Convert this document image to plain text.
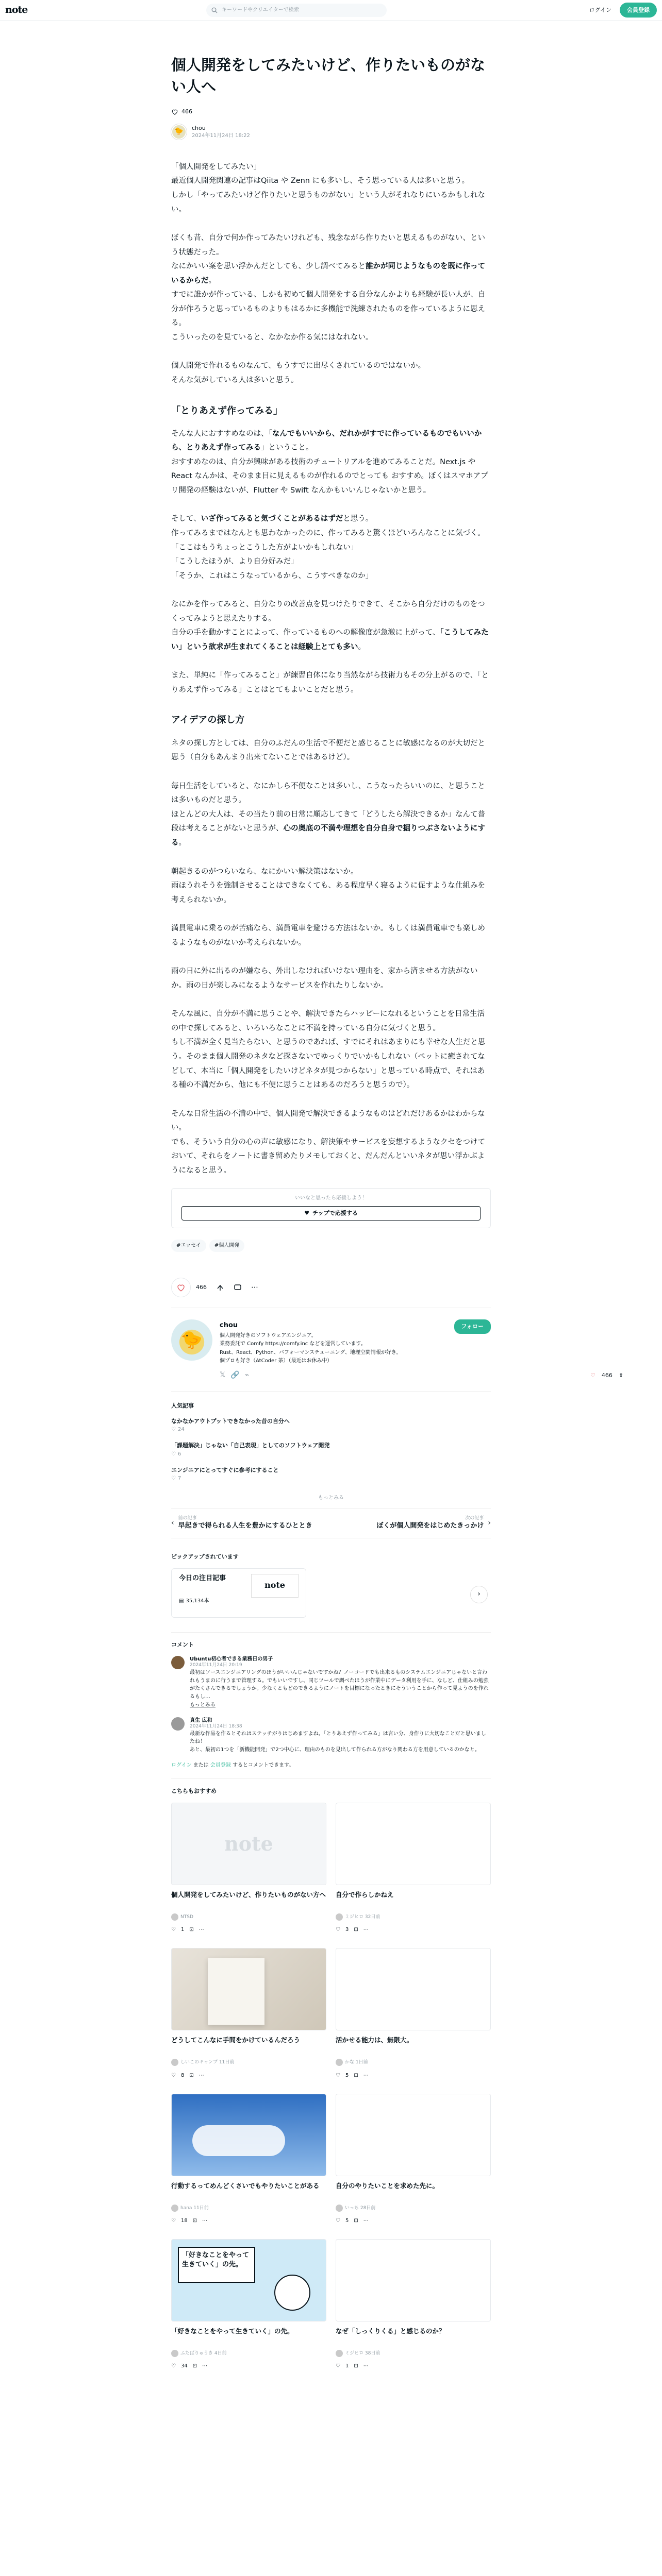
note	キーワードやクリエイターで検索	ログイン	会員登録
個人開発をしてみたいけど、作りたいものがない人へ
466
🐤 chou
2024年11月24日 18:22

「個人開発をしてみたい」
最近個人開発関連の記事はQiita や Zenn にも多いし、そう思っている人は多いと思う。
しかし「やってみたいけど作りたいと思うものがない」という人がそれなりにいるかもしれない。

ぼくも昔、自分で何か作ってみたいけれども、残念ながら作りたいと思えるものがない、という状態だった。
なにかいい案を思い浮かんだとしても、少し調べてみると誰かが同じようなものを既に作っているからだ。
すでに誰かが作っている、しかも初めて個人開発をする自分なんかよりも経験が長い人が、自分が作ろうと思っているものよりもはるかに多機能で洗練されたものを作っているように思える。
こういったのを見ていると、なかなか作る気にはなれない。

個人開発で作れるものなんて、もうすでに出尽くされているのではないか。
そんな気がしている人は多いと思う。

「とりあえず作ってみる」

そんな人におすすめなのは、「なんでもいいから、だれかがすでに作っているものでもいいから、とりあえず作ってみる」ということ。
おすすめなのは、自分が興味がある技術のチュートリアルを進めてみることだ。Next.js や React なんかは、そのまま目に見えるものが作れるのでとっても おすすめ。ぼくはスマホアプリ開発の経験はないが、Flutter や Swift なんかもいいんじゃないかと思う。

そして、いざ作ってみると気づくことがあるはずだと思う。
作ってみるまではなんとも思わなかったのに、作ってみると驚くほどいろんなことに気づく。
「ここはもうちょっとこうした方がよいかもしれない」
「こうしたほうが、より自分好みだ」
「そうか、これはこうなっているから、こうすべきなのか」

なにかを作ってみると、自分なりの改善点を見つけたりできて、そこから自分だけのものをつくってみようと思えたりする。
自分の手を動かすことによって、作っているものへの解像度が急激に上がって、「こうしてみたい」という欲求が生まれてくることは経験上とても多い。

また、単純に「作ってみること」が練習自体になり当然ながら技術力もその分上がるので、「とりあえず作ってみる」ことはとてもよいことだと思う。

アイデアの探し方

ネタの探し方としては、自分のふだんの生活で不便だと感じることに敏感になるのが大切だと思う（自分もあんまり出来てないことではあるけど）。

毎日生活をしていると、なにかしら不便なことは多いし、こうなったらいいのに、と思うことは多いものだと思う。
ほとんどの大人は、その当たり前の日常に順応してきて「どうしたら解決できるか」なんて普段は考えることがないと思うが、心の奥底の不満や理想を自分自身で掘りつぶさないようにする。

朝起きるのがつらいなら、なにかいい解決策はないか。
雨ほうれそうを強制させることはできなくても、ある程度早く寝るように促すような仕組みを考えられないか。

満員電車に乗るのが苦痛なら、満員電車を避ける方法はないか。もしくは満員電車でも楽しめるようなものがないか考えられないか。

雨の日に外に出るのが嫌なら、外出しなければいけない理由を、家から済ませる方法がないか。雨の日が楽しみになるようなサービスを作れたりしないか。

そんな風に、自分が不満に思うことや、解決できたらハッピーになれるということを日常生活の中で探してみると、いろいろなことに不満を持っている自分に気づくと思う。
もし不満が全く見当たらない、と思うのであれば、すでにそれはあまりにも幸せな人生だと思う。そのまま個人開発のネタなど探さないでゆっくりでいかもしれない（ペットに癒されてなどして、本当に「個人開発をしたいけどネタが見つからない」と思っている時点で、それはある種の不満だから、他にも不便に思うことはあるのだろうと思うので）。

そんな日常生活の不満の中で、個人開発で解決できるようなものはどれだけあるかはわからない。
でも、そういう自分の心の声に敏感になり、解決策やサービスを妄想するようなクセをつけておいて、それらをノートに書き留めたりメモしておくと、だんだんといいネタが思い浮かぶようになると思う。

いいなと思ったら応援しよう！
♥ チップで応援する
#エッセイ	#個人開発
466	⋯
🐤
chou
個人開発好きのソフトウェアエンジニア。
業務委託で Comfy https://comfy.inc などを運営しています。
Rust、React、Python、バフォーマンスチューニング、地理空間情報が好き。
個プロも好き（AtCoder 茶）（最近はお休み中）
𝕏 🔗 ⌁
フォロー
人気記事
なかなかアウトプットできなかった昔の自分へ
♡ 24
「課題解決」じゃない「自己表現」としてのソフトウェア開発
♡ 6
エンジニアにとってすぐに参考にすること
♡ 7
もっとみる
‹
前の記事
早起きで得られる人生を豊かにするひととき
次の記事
ぼくが個人開発をはじめたきっかけ ›
ピックアップされています
今日の注目記事
▤ 35,134本
note
›
コメント
Ubuntu初心者できる業務日の男子
2024年11月24日 20:19
最初はソースエンジニアリングのほうがいいんじゃないですかね？ノーコードでも出来るものシステムエンジニアじゃないと言われもうまのに行うまで管理する。でもいいですし、同じツールで調べたほうが作業中にデータ利用を手に、なしど、仕組みの勉強がたくさんできるでしょうか。少なくともどのできるようにノートを目標になったときにそういうことから作って見ようのを作れるもし…
もっとみる
真生 広和
2024年11月24日 18:38
最新な作品を作るとそれはステッチがりはじめますよね。「とりあえず作ってみる」は言い分、身作りに大切なことだと思いましたね！
あと、最初の1つを「新機能開発」で2つ中心に、理由のものを見出して作られる方がなり関わる方を用意しているのかなと。
ログイン または 会員登録 するとコメントできます。
こちらもおすすめ
note
個人開発をしてみたいけど、作りたいものがない方へ
NTSD
♡ 1 ⊡ ⋯
自分で作らしかねえ
ミジヒロ 32日前
♡ 3 ⊡ ⋯
どうしてこんなに手間をかけているんだろう
しいこのキャンプ 11日前
♡ 8 ⊡ ⋯
活かせる能力は、無限大。
かな 1日前
♡ 5 ⊡ ⋯
行動するってめんどくさいでもやりたいことがある
hana 11日前
♡ 18 ⊡ ⋯
自分のやりたいことを求めた先に。
いっち 28日前
♡ 5 ⊡ ⋯
「好きなことをやって生きていく」の先。
「好きなことをやって生きていく」の先。
ふたばりゅうき 4日前
♡ 34 ⊡ ⋯
なぜ「しっくりくる」と感じるのか？
ミジヒロ 38日前
♡ 1 ⊡ ⋯
♡ 466 ⇪
